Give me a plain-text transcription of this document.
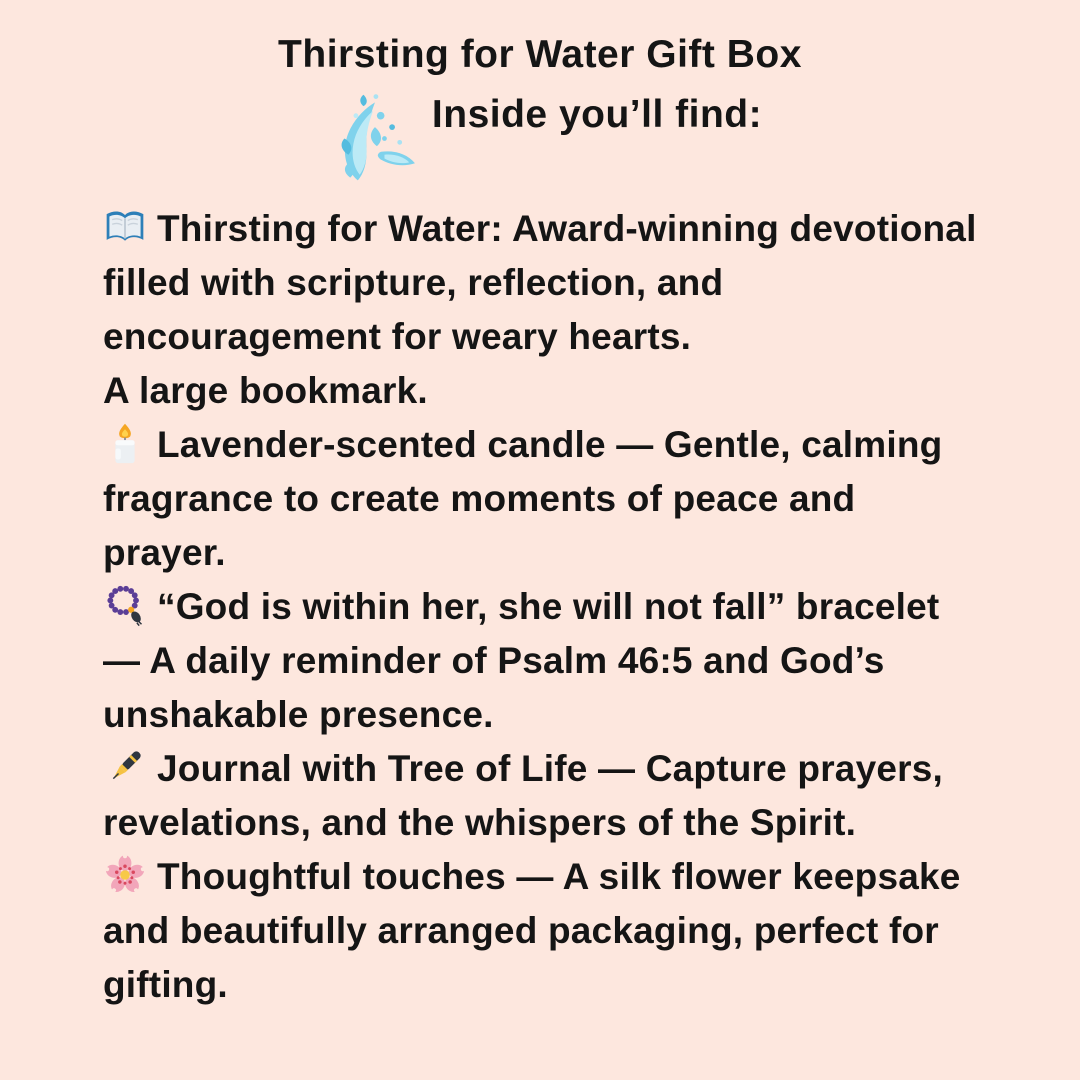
Thirsting for Water Gift Box
Inside you’ll find:

Thirsting for Water: Award-winning devotional filled with scripture, reflection, and encouragement for weary hearts.

A large bookmark.

Lavender-scented candle — Gentle, calming fragrance to create moments of peace and prayer.

“God is within her, she will not fall” bracelet — A daily reminder of Psalm 46:5 and God’s unshakable presence.

Journal with Tree of Life — Capture prayers, revelations, and the whispers of the Spirit.

Thoughtful touches — A silk flower keepsake and beautifully arranged packaging, perfect for gifting.
